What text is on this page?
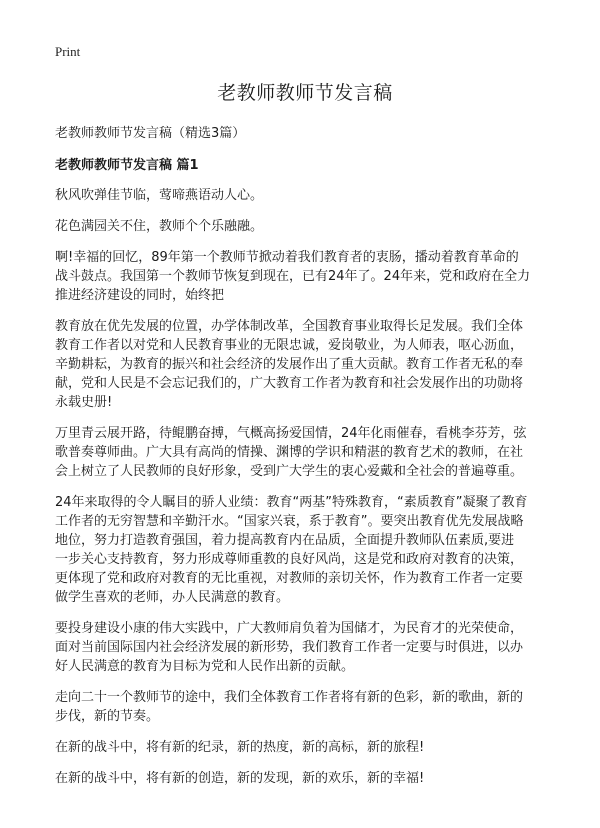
Print
老教师教师节发言稿
老教师教师节发言稿（精选3篇）
老教师教师节发言稿 篇1
秋风吹弹佳节临，莺啼燕语动人心。
花色满园关不住，教师个个乐融融。
啊!幸福的回忆，89年第一个教师节掀动着我们教育者的衷肠，播动着教育革命的
战斗鼓点。我国第一个教师节恢复到现在，已有24年了。24年来，党和政府在全力
推进经济建设的同时，始终把
教育放在优先发展的位置，办学体制改革，全国教育事业取得长足发展。我们全体
教育工作者以对党和人民教育事业的无限忠诚，爱岗敬业，为人师表，呕心沥血，
辛勤耕耘，为教育的振兴和社会经济的发展作出了重大贡献。教育工作者无私的奉
献，党和人民是不会忘记我们的，广大教育工作者为教育和社会发展作出的功勋将
永载史册!
万里青云展开路，待鲲鹏奋搏，气概高扬爱国情，24年化雨催春，看桃李芬芳，弦
歌普奏尊师曲。广大具有高尚的情操、渊博的学识和精湛的教育艺术的教师，在社
会上树立了人民教师的良好形象，受到广大学生的衷心爱戴和全社会的普遍尊重。
24年来取得的令人瞩目的骄人业绩：教育“两基”特殊教育，“素质教育”凝聚了教育
工作者的无穷智慧和辛勤汗水。“国家兴衰，系于教育”。要突出教育优先发展战略
地位，努力打造教育强国，着力提高教育内在品质，全面提升教师队伍素质,要进
一步关心支持教育，努力形成尊师重教的良好风尚，这是党和政府对教育的决策，
更体现了党和政府对教育的无比重视，对教师的亲切关怀，作为教育工作者一定要
做学生喜欢的老师，办人民满意的教育。
要投身建设小康的伟大实践中，广大教师肩负着为国储才，为民育才的光荣使命，
面对当前国际国内社会经济发展的新形势，我们教育工作者一定要与时俱进，以办
好人民满意的教育为目标为党和人民作出新的贡献。
走向二十一个教师节的途中，我们全体教育工作者将有新的色彩，新的歌曲，新的
步伐，新的节奏。
在新的战斗中，将有新的纪录，新的热度，新的高标，新的旅程!
在新的战斗中，将有新的创造，新的发现，新的欢乐，新的幸福!
